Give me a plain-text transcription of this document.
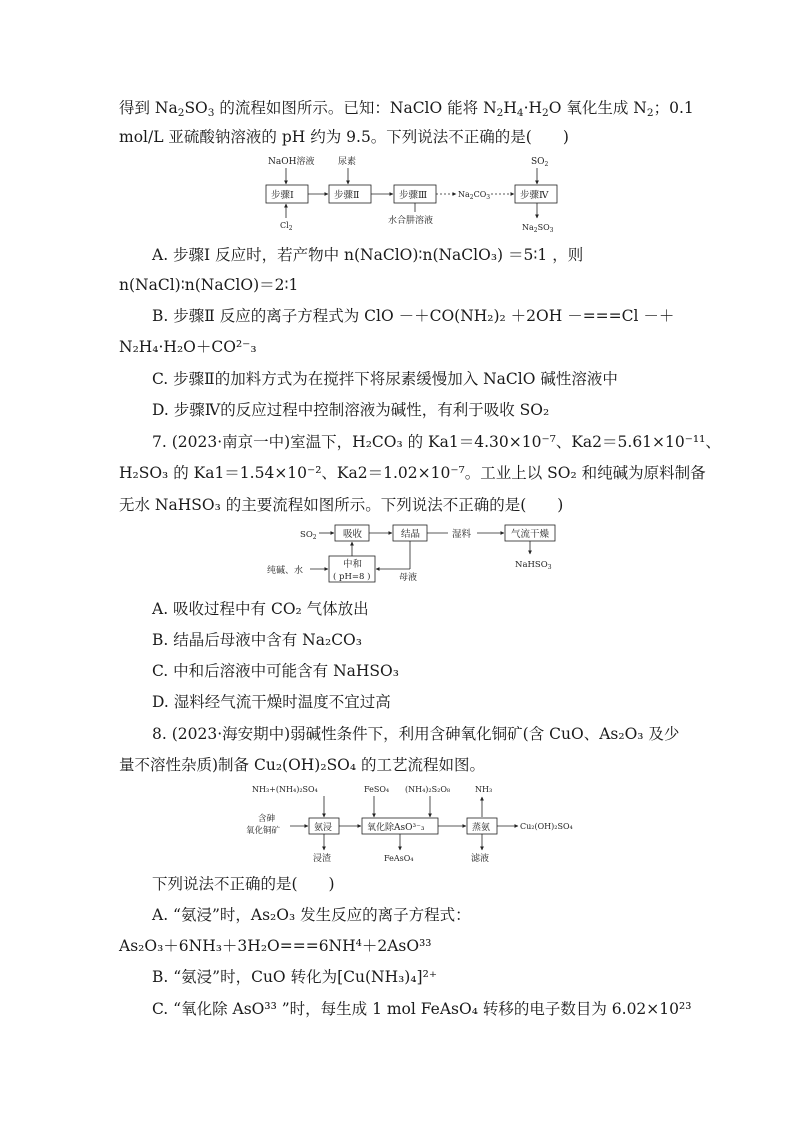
得到 $Na_2SO_3$ 的流程如图所示。已知：NaClO 能将 $N_2H_4\cdot H_2O$ 氧化生成 $N_2$；0.1
mol/L 亚硫酸钠溶液的 pH 约为 9.5。下列说法不正确的是(　　)
NaOH溶液	尿素	$SO_2$
步骤Ⅰ	步骤Ⅱ	步骤Ⅲ	$Na_2CO_3$	步骤Ⅳ
$Cl_2$
水合肼溶液
$Na_2SO_3$
A. 步骤Ⅰ 反应时，若产物中 n(NaClO)∶n(NaClO₃) ＝5∶1 ，则
n(NaCl)∶n(NaClO)＝2∶1
B. 步骤Ⅱ 反应的离子方程式为 ClO －＋CO(NH₂)₂ ＋2OH －===Cl －＋
N₂H₄·H₂O＋CO²⁻₃
C. 步骤Ⅱ的加料方式为在搅拌下将尿素缓慢加入 NaClO 碱性溶液中
D. 步骤Ⅳ的反应过程中控制溶液为碱性，有利于吸收 SO₂
7. (2023·南京一中)室温下，H₂CO₃ 的 Ka1＝4.30×10⁻⁷、Ka2＝5.61×10⁻¹¹、
H₂SO₃ 的 Ka1＝1.54×10⁻²、Ka2＝1.02×10⁻⁷。工业上以 SO₂ 和纯碱为原料制备
无水 NaHSO₃ 的主要流程如图所示。下列说法不正确的是(　　)
$SO_2$	吸收	结晶	湿料	气流干燥
NaHSO$_3$
中和
( pH=8 )	母液
纯碱、水
A. 吸收过程中有 CO₂ 气体放出
B. 结晶后母液中含有 Na₂CO₃
C. 中和后溶液中可能含有 NaHSO₃
D. 湿料经气流干燥时温度不宜过高
8. (2023·海安期中)弱碱性条件下，利用含砷氧化铜矿(含 CuO、As₂O₃ 及少
量不溶性杂质)制备 Cu₂(OH)₂SO₄ 的工艺流程如图。
NH₃+(NH₄)₂SO₄	FeSO₄ (NH₄)₂S₂O₈	NH₃
含砷
氧化铜矿	氨浸	氧化除AsO³⁻₃	蒸氨	Cu₂(OH)₂SO₄
浸渣	FeAsO₄	滤液
下列说法不正确的是(　　)
A. “氨浸”时，As₂O₃ 发生反应的离子方程式：
As₂O₃＋6NH₃＋3H₂O===6NH⁴＋2AsO³³
B. “氨浸”时，CuO 转化为[Cu(NH₃)₄]²⁺
C. “氧化除 AsO³³ ”时，每生成 1 mol FeAsO₄ 转移的电子数目为 6.02×10²³
